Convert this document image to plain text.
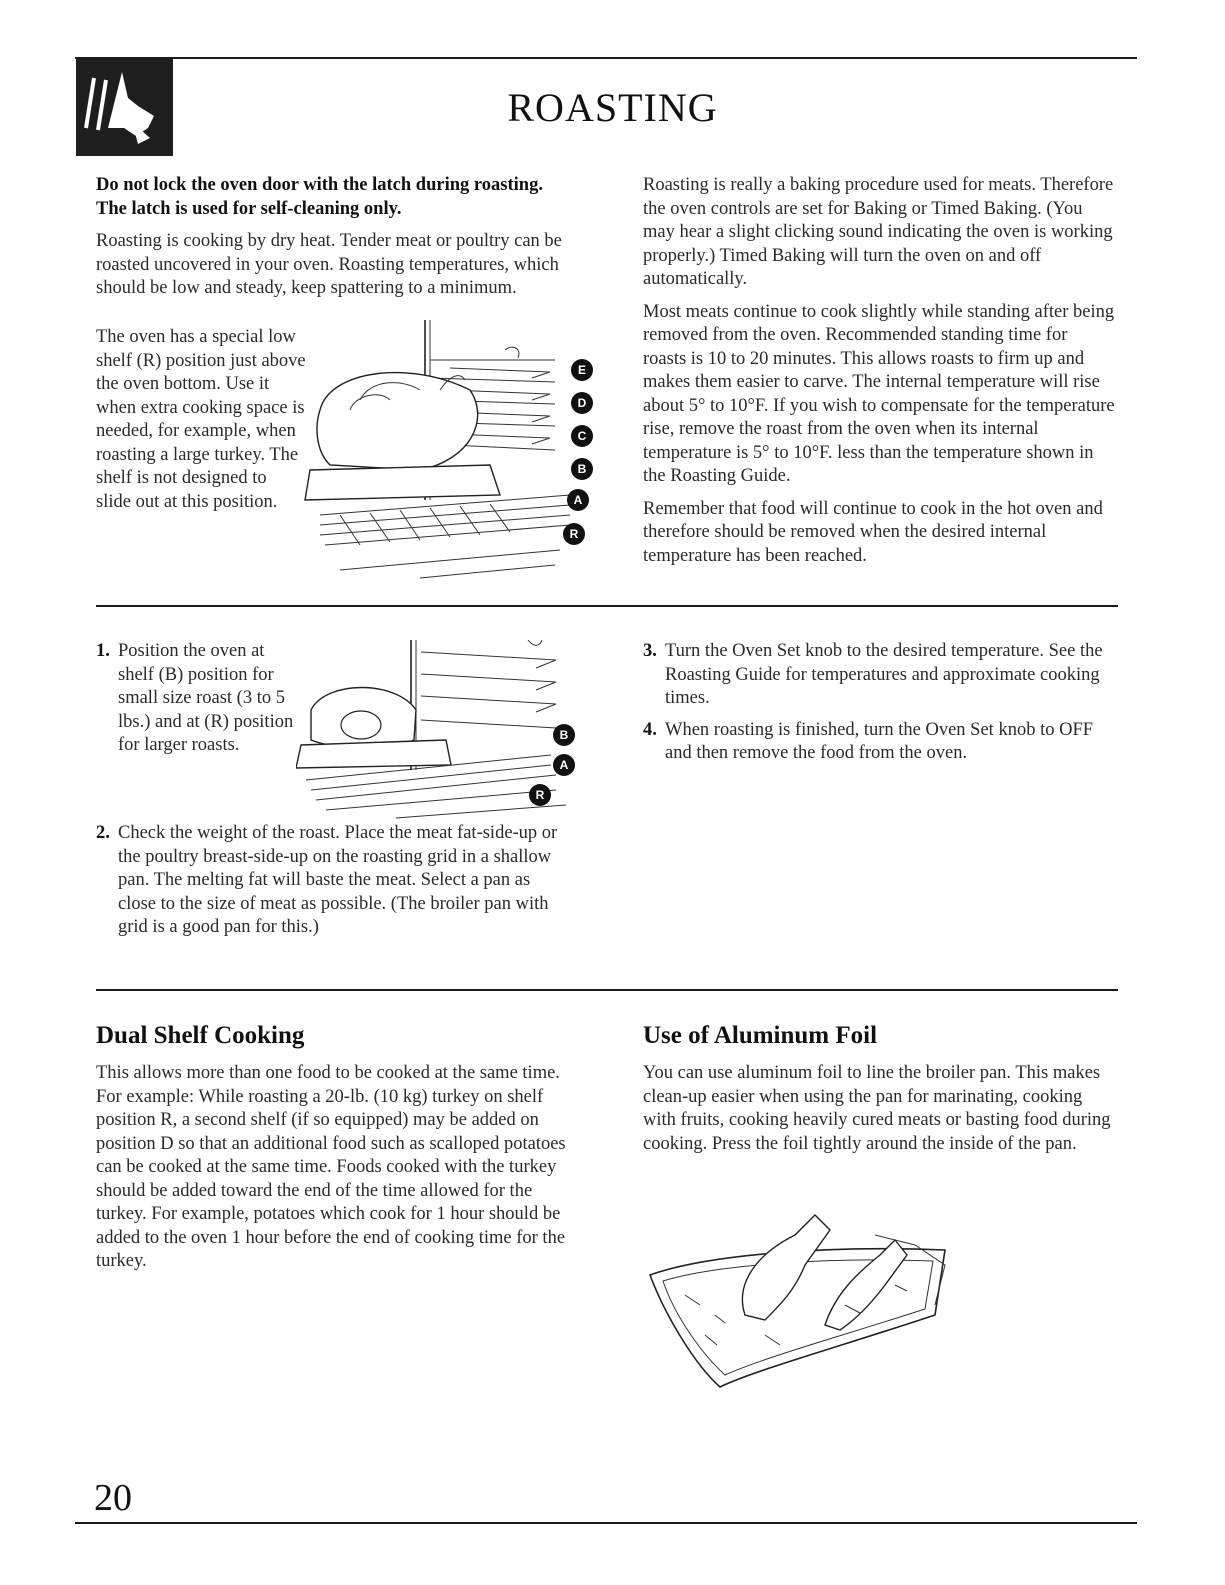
ROASTING

Do not lock the oven door with the latch during roasting. The latch is used for self-cleaning only.

Roasting is cooking by dry heat. Tender meat or poultry can be roasted uncovered in your oven. Roasting temperatures, which should be low and steady, keep spattering to a minimum.

The oven has a special low shelf (R) position just above the oven bottom. Use it when extra cooking space is needed, for example, when roasting a large turkey. The shelf is not designed to slide out at this position.
E
D
C
B
A
R

Roasting is really a baking procedure used for meats. Therefore the oven controls are set for Baking or Timed Baking. (You may hear a slight clicking sound indicating the oven is working properly.) Timed Baking will turn the oven on and off automatically.

Most meats continue to cook slightly while standing after being removed from the oven. Recommended standing time for roasts is 10 to 20 minutes. This allows roasts to firm up and makes them easier to carve. The internal temperature will rise about 5° to 10°F. If you wish to compensate for the temperature rise, remove the roast from the oven when its internal temperature is 5° to 10°F. less than the temperature shown in the Roasting Guide.

Remember that food will continue to cook in the hot oven and therefore should be removed when the desired internal temperature has been reached.

1. Position the oven at shelf (B) position for small size roast (3 to 5 lbs.) and at (R) position for larger roasts.	B
A
R
2. Check the weight of the roast. Place the meat fat-side-up or the poultry breast-side-up on the roasting grid in a shallow pan. The melting fat will baste the meat. Select a pan as close to the size of meat as possible. (The broiler pan with grid is a good pan for this.)
3. Turn the Oven Set knob to the desired temperature. See the Roasting Guide for temperatures and approximate cooking times.
4. When roasting is finished, turn the Oven Set knob to OFF and then remove the food from the oven.
Dual Shelf Cooking

This allows more than one food to be cooked at the same time. For example: While roasting a 20-lb. (10 kg) turkey on shelf position R, a second shelf (if so equipped) may be added on position D so that an additional food such as scalloped potatoes can be cooked at the same time. Foods cooked with the turkey should be added toward the end of the time allowed for the turkey. For example, potatoes which cook for 1 hour should be added to the oven 1 hour before the end of cooking time for the turkey.

Use of Aluminum Foil

You can use aluminum foil to line the broiler pan. This makes clean-up easier when using the pan for marinating, cooking with fruits, cooking heavily cured meats or basting food during cooking. Press the foil tightly around the inside of the pan.

20
